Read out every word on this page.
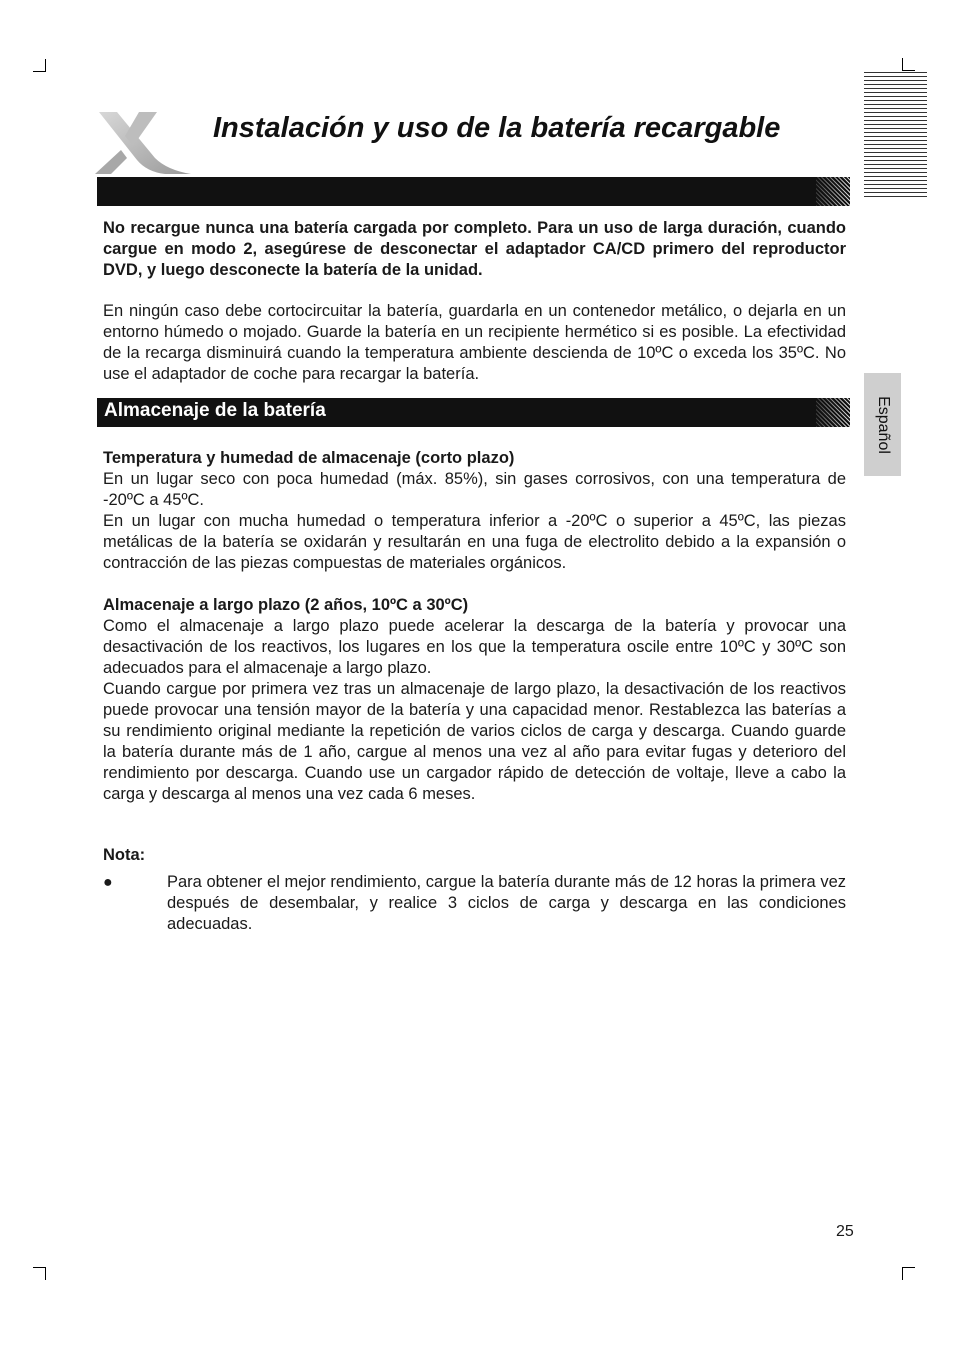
Instalación y uso de la batería recargable

No recargue nunca una batería cargada por completo. Para un uso de larga duración, cuando cargue en modo 2, asegúrese de desconectar el adaptador CA/CD primero del reproductor DVD, y luego desconecte la batería de la unidad.

En ningún caso debe cortocircuitar la batería, guardarla en un contenedor metálico, o dejarla en un entorno húmedo o mojado. Guarde la batería en un recipiente hermético si es posible. La efectividad de la recarga disminuirá cuando la temperatura ambiente descienda de 10ºC o exceda los 35ºC. No use el adaptador de coche para recargar la batería.

Almacenaje de la batería	Español

Temperatura y humedad de almacenaje (corto plazo)

En un lugar seco con poca humedad (máx. 85%), sin gases corrosivos, con una temperatura de -20ºC a 45ºC.

En un lugar con mucha humedad o temperatura inferior a -20ºC o superior a 45ºC, las piezas metálicas de la batería se oxidarán y resultarán en una fuga de electrolito debido a la expansión o contracción de las piezas compuestas de materiales orgánicos.

Almacenaje a largo plazo (2 años, 10ºC a 30ºC)

Como el almacenaje a largo plazo puede acelerar la descarga de la batería y provocar una desactivación de los reactivos, los lugares en los que la temperatura oscile entre 10ºC y 30ºC son adecuados para el almacenaje a largo plazo.

Cuando cargue por primera vez tras un almacenaje de largo plazo, la desactivación de los reactivos puede provocar una tensión mayor de la batería y una capacidad menor. Restablezca las baterías a su rendimiento original mediante la repetición de varios ciclos de carga y descarga. Cuando guarde la batería durante más de 1 año, cargue al menos una vez al año para evitar fugas y deterioro del rendimiento por descarga. Cuando use un cargador rápido de detección de voltaje, lleve a cabo la carga y descarga al menos una vez cada 6 meses.

Nota:

●	Para obtener el mejor rendimiento, cargue la batería durante más de 12 horas la primera vez después de desembalar, y realice 3 ciclos de carga y descarga en las condiciones adecuadas.

25
